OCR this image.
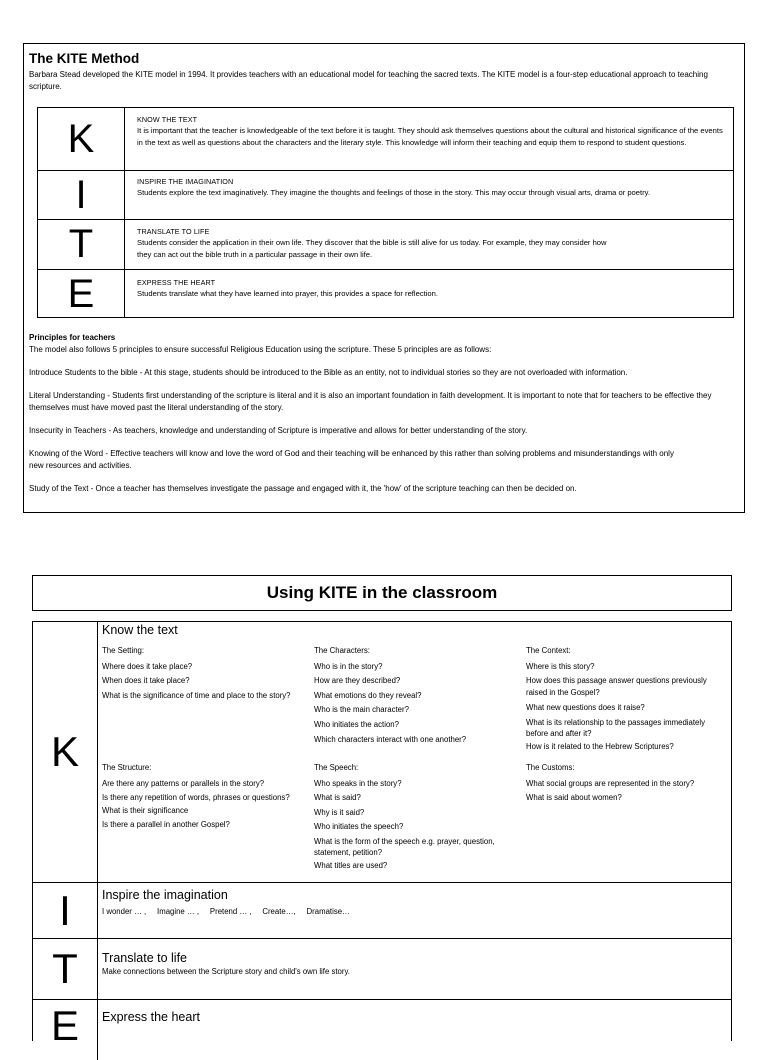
The KITE Method
Barbara Stead developed the KITE model in 1994. It provides teachers with an educational model for teaching the sacred texts. The KITE model is a four-step educational approach to teaching scripture.
K	KNOW THE TEXT
It is important that the teacher is knowledgeable of the text before it is taught. They should ask themselves questions about the cultural and historical significance of the events in the text as well as questions about the characters and the literary style. This knowledge will inform their teaching and equip them to respond to student questions.
I	INSPIRE THE IMAGINATION
Students explore the text imaginatively. They imagine the thoughts and feelings of those in the story. This may occur through visual arts, drama or poetry.
T	TRANSLATE TO LIFE
Students consider the application in their own life. They discover that the bible is still alive for us today. For example, they may consider how they can act out the bible truth in a particular passage in their own life.
E	EXPRESS THE HEART
Students translate what they have learned into prayer, this provides a space for reflection.
Principles for teachers

The model also follows 5 principles to ensure successful Religious Education using the scripture. These 5 principles are as follows:

Introduce Students to the bible - At this stage, students should be introduced to the Bible as an entity, not to individual stories so they are not overloaded with information.

Literal Understanding - Students first understanding of the scripture is literal and it is also an important foundation in faith development. It is important to note that for teachers to be effective they themselves must have moved past the literal understanding of the story.

Insecurity in Teachers - As teachers, knowledge and understanding of Scripture is imperative and allows for better understanding of the story.

Knowing of the Word - Effective teachers will know and love the word of God and their teaching will be enhanced by this rather than solving problems and misunderstandings with only new resources and activities.

Study of the Text - Once a teacher has themselves investigate the passage and engaged with it, the 'how' of the scripture teaching can then be decided on.

Using KITE in the classroom
K
Know the text
The Setting:
Where does it take place?
When does it take place?
What is the significance of time and place to the story?
The Characters:
Who is in the story?
How are they described?
What emotions do they reveal?
Who is the main character?
Who initiates the action?
Which characters interact with one another?
The Context:
Where is this story?
How does this passage answer questions previously raised in the Gospel?
What new questions does it raise?
What is its relationship to the passages immediately before and after it?
How is it related to the Hebrew Scriptures?
The Structure:
Are there any patterns or parallels in the story?
Is there any repetition of words, phrases or questions?
What is their significance
Is there a parallel in another Gospel?
The Speech:
Who speaks in the story?
What is said?
Why is it said?
Who initiates the speech?
What is the form of the speech e.g. prayer, question, statement, petition?
What titles are used?
The Customs:
What social groups are represented in the story?
What is said about women?
I	Inspire the imagination
I wonder … ,     Imagine … ,     Pretend … ,     Create…,     Dramatise…
T	Translate to life
Make connections between the Scripture story and child's own life story.
E	Express the heart
